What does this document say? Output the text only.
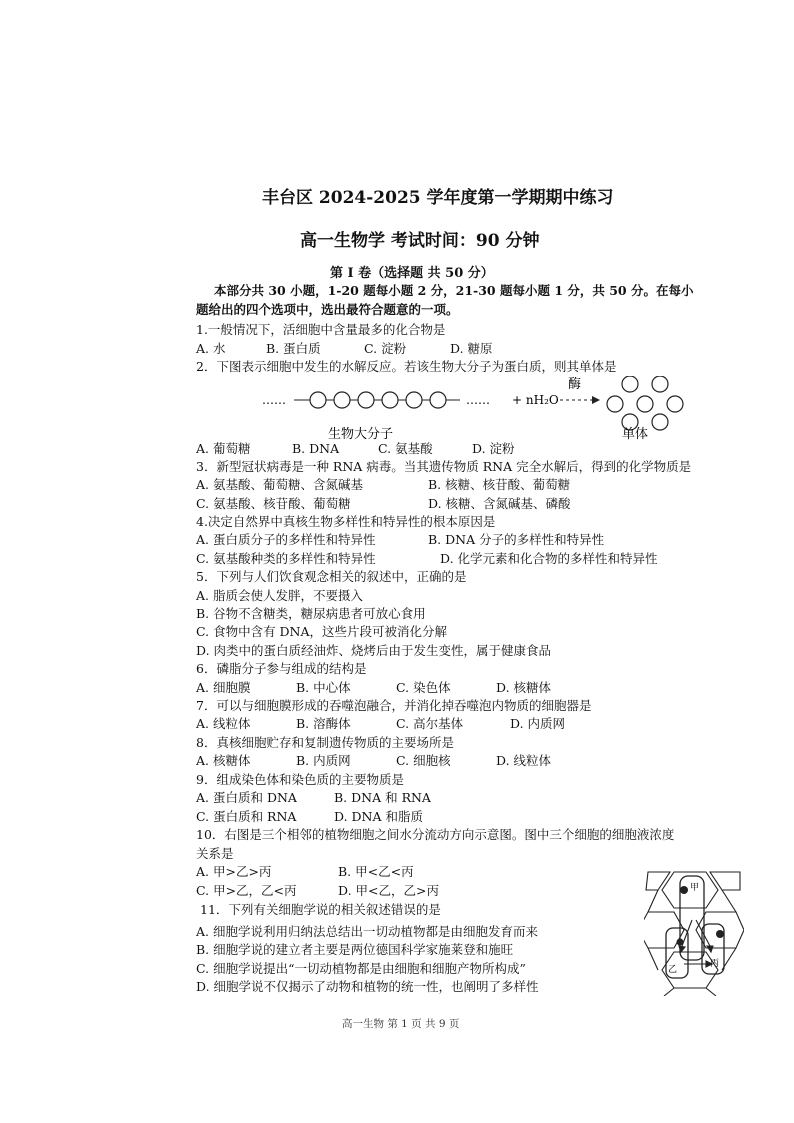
丰台区 2024-2025 学年度第一学期期中练习
高一生物学 考试时间：90 分钟
第 I 卷（选择题 共 50 分）
本部分共 30 小题，1-20 题每小题 2 分，21-30 题每小题 1 分，共 50 分。在每小
题给出的四个选项中，选出最符合题意的一项。
1.一般情况下，活细胞中含量最多的化合物是
A. 水	B. 蛋白质	C. 淀粉	D. 糖原
2．下图表示细胞中发生的水解反应。若该生物大分子为蛋白质，则其单体是
……	…… + nH₂O
酶
生物大分子	单体
A. 葡萄糖	B. DNA	C. 氨基酸	D. 淀粉
3．新型冠状病毒是一种 RNA 病毒。当其遗传物质 RNA 完全水解后，得到的化学物质是
A. 氨基酸、葡萄糖、含氮碱基	B. 核糖、核苷酸、葡萄糖
C. 氨基酸、核苷酸、葡萄糖	D. 核糖、含氮碱基、磷酸
4.决定自然界中真核生物多样性和特异性的根本原因是
A. 蛋白质分子的多样性和特异性	B. DNA 分子的多样性和特异性
C. 氨基酸种类的多样性和特异性	D. 化学元素和化合物的多样性和特异性
5．下列与人们饮食观念相关的叙述中，正确的是
A. 脂质会使人发胖，不要摄入
B. 谷物不含糖类，糖尿病患者可放心食用
C. 食物中含有 DNA，这些片段可被消化分解
D. 肉类中的蛋白质经油炸、烧烤后由于发生变性，属于健康食品
6．磷脂分子参与组成的结构是
A. 细胞膜	B. 中心体	C. 染色体	D. 核糖体
7．可以与细胞膜形成的吞噬泡融合，并消化掉吞噬泡内物质的细胞器是
A. 线粒体	B. 溶酶体	C. 高尔基体	D. 内质网
8．真核细胞贮存和复制遗传物质的主要场所是
A. 核糖体	B. 内质网	C. 细胞核	D. 线粒体
9．组成染色体和染色质的主要物质是
A. 蛋白质和 DNA	B. DNA 和 RNA
C. 蛋白质和 RNA	D. DNA 和脂质
10．右图是三个相邻的植物细胞之间水分流动方向示意图。图中三个细胞的细胞液浓度
关系是
A. 甲>乙>丙	B. 甲<乙<丙
C. 甲>乙，乙<丙	D. 甲<乙，乙>丙	甲
乙
丙
11．下列有关细胞学说的相关叙述错误的是
A. 细胞学说利用归纳法总结出一切动植物都是由细胞发育而来
B. 细胞学说的建立者主要是两位德国科学家施莱登和施旺
C. 细胞学说提出“一切动植物都是由细胞和细胞产物所构成”
D. 细胞学说不仅揭示了动物和植物的统一性，也阐明了多样性
高一生物 第 1 页 共 9 页
